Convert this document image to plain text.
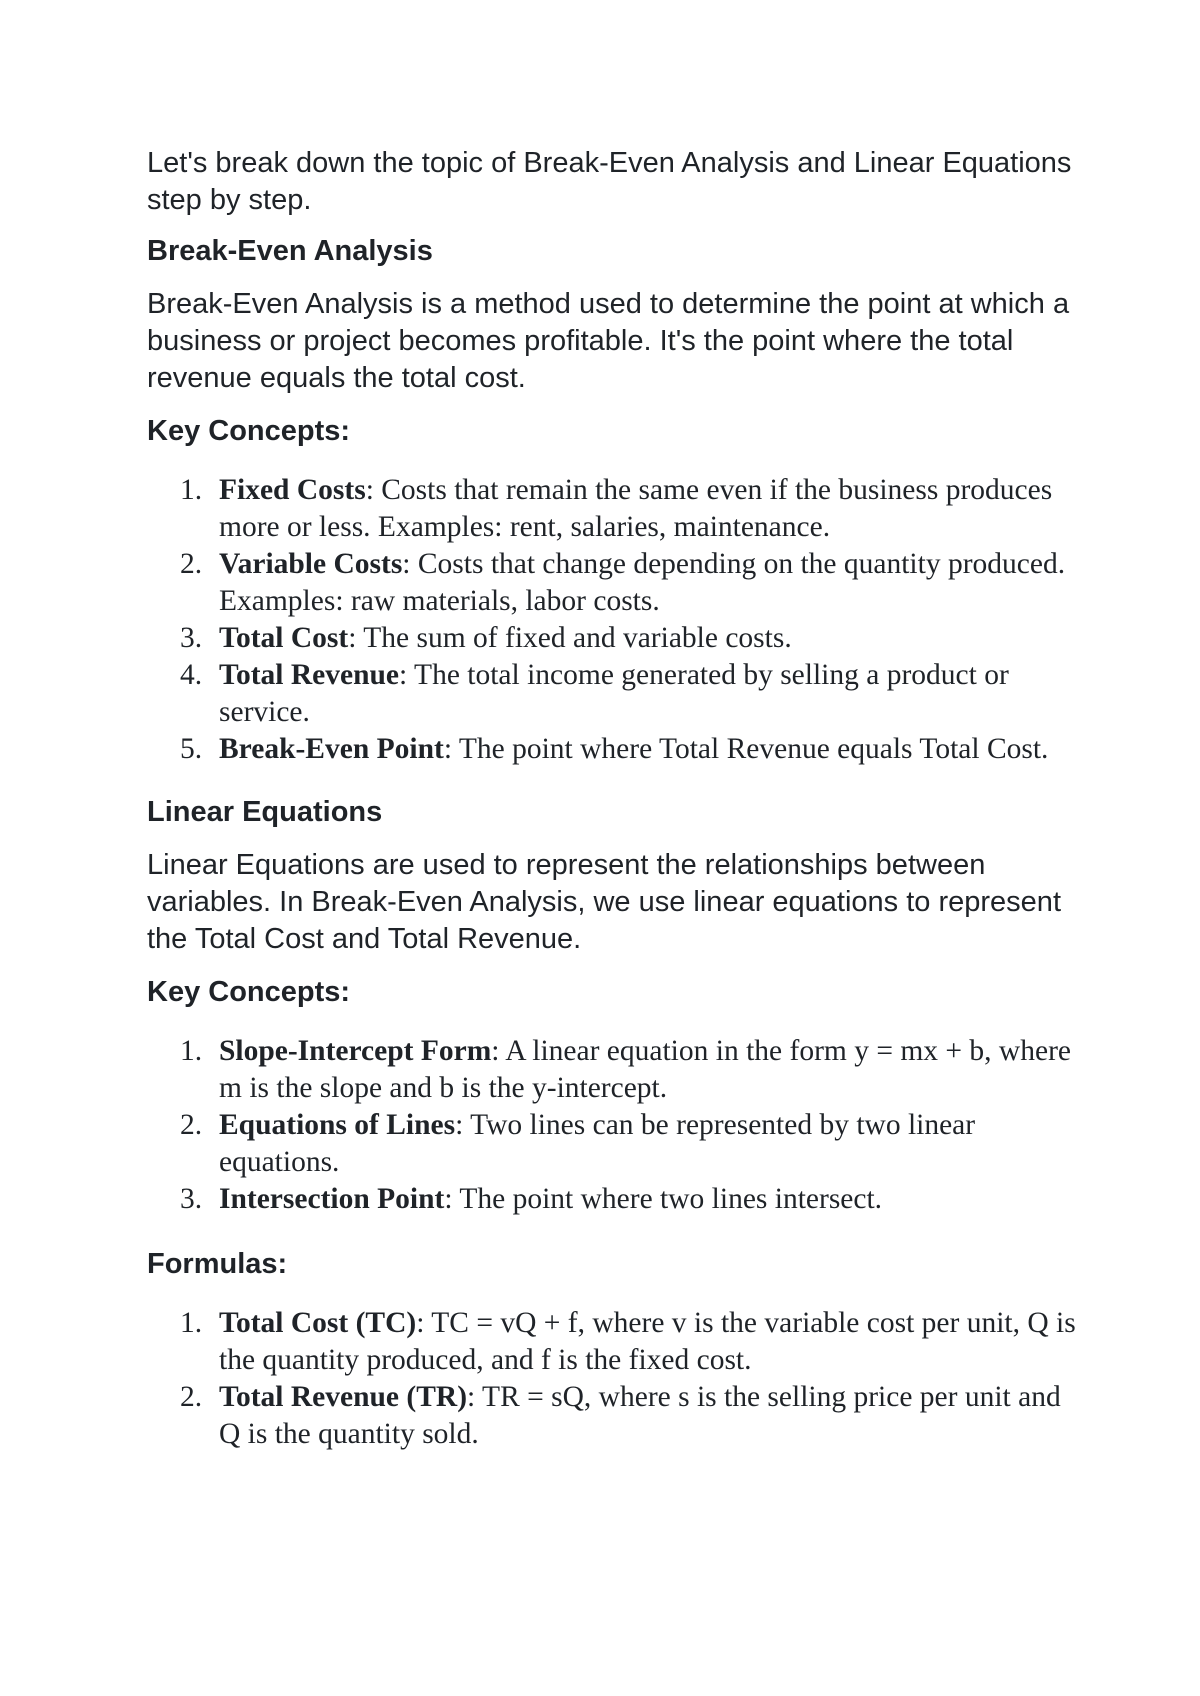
Let's break down the topic of Break-Even Analysis and Linear Equations step by step.

Break-Even Analysis

Break-Even Analysis is a method used to determine the point at which a business or project becomes profitable. It's the point where the total revenue equals the total cost.

Key Concepts:
1. Fixed Costs: Costs that remain the same even if the business produces more or less. Examples: rent, salaries, maintenance.
2. Variable Costs: Costs that change depending on the quantity produced. Examples: raw materials, labor costs.
3. Total Cost: The sum of fixed and variable costs.
4. Total Revenue: The total income generated by selling a product or service.
5. Break-Even Point: The point where Total Revenue equals Total Cost.
Linear Equations

Linear Equations are used to represent the relationships between variables. In Break-Even Analysis, we use linear equations to represent the Total Cost and Total Revenue.

Key Concepts:
1. Slope-Intercept Form: A linear equation in the form y = mx + b, where m is the slope and b is the y-intercept.
2. Equations of Lines: Two lines can be represented by two linear equations.
3. Intersection Point: The point where two lines intersect.
Formulas:
1. Total Cost (TC): TC = vQ + f, where v is the variable cost per unit, Q is the quantity produced, and f is the fixed cost.
2. Total Revenue (TR): TR = sQ, where s is the selling price per unit and Q is the quantity sold.
